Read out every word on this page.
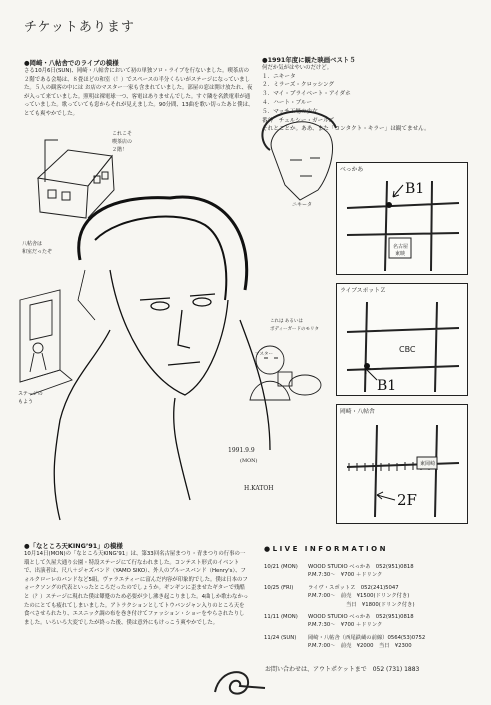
チケットあります
●岡崎・八帖舎でのライブの模様
さる10月6日(SUN)、岡崎・八帖舎において初の単独ソロ・ライブを行ないました。喫茶店の２階である会場は、８畳ほどの和室（！）でスペースの半分くらいがステージになっていました。５人の観客の中には お店のマスター一家も含まれていました。部屋の窓は開け放たれ、夜が入って来ていました。照明は裸電球一つ、客電はありませんでした。すぐ隣を名鉄電車が通っていました。歌っていても窓からそれが見えました。90分間、13曲を歌い切ったあと僕は、とても爽やかでした。
●1991年度に観た映画ベスト５
何だか気がはやいのだけど。
１．ニキータ
２．ミラーズ・クロッシング
３．マイ・プライベート・アイダホ
４．ハート・ブルー
５．マッチ工場の少女
番外　チェルシー・ガールズ
それとことか。ああ、また「コンタクト・キラー」は観てません。
1991.9.9
(MON)
H.KATOH
これこそ
喫茶店の
２階！
八帖舎は
和室だったぞ
ステージの
もよう
ニキータ
マスター
これは あるいは
ボディーガードのモリタ
べっかあ
名古屋
東映
B1
ライブスポットＺ
CBC
B1
岡崎・八帖舎
東岡崎
2F
●「なところ天KING’91」の模様
10月14日(MON)の「なところ天KING’91」は、第33回名古屋まつり・青まつりの行事の一環として久屋大通り公園・特設ステージにて行なわれました。コンテスト形式のイベントで、出演者は、尺八＋ジャズバンド（YAMO SIKO）、外人のブルースバンド（Henry's）、フォルクローレのバンドなど5組。ヴァラエティーに富んだ内容が印象的でした。僕は日本のフォークソングの代表といったところだったのでしょうか。ギンギンに歪ませたギターで残酷と（？）ステージに現れた僕は顰蹙のため必要が少し沸き起こりました。4曲しか歌わなかったのにとても疲れてしまいました。アトラクションとしてトウバンジャン入りのところ天を食べさせられたり、エスニック調の布を巻き付けてファッション・ショーをやらされたりしました。いろいろ大変でしたが終った後、僕は意外にもけっこう爽やかでした。
●LIVE INFORMATION
10/21 (MON)	WOOD STUDIO べっかあ　052(951)0818
P.M.7:30〜　¥700 ＋ドリンク
10/25 (FRI)	ライヴ・スポットＺ　052(241)5047
P.M.7:00〜　前売　¥1500(ドリンク付き)
当日　¥1800(ドリンク付き)
11/11 (MON)	WOOD STUDIO べっかあ　052(951)0818
P.M.7:30〜　¥700 ＋ドリンク
11/24 (SUN)	岡崎・八帖舎（西尾鉄蔵の前線）0564(53)0752
P.M.7:00〜　前売　¥2000　当日　¥2300
お問い合わせは、アウトポケットまで　052 (731) 1883
